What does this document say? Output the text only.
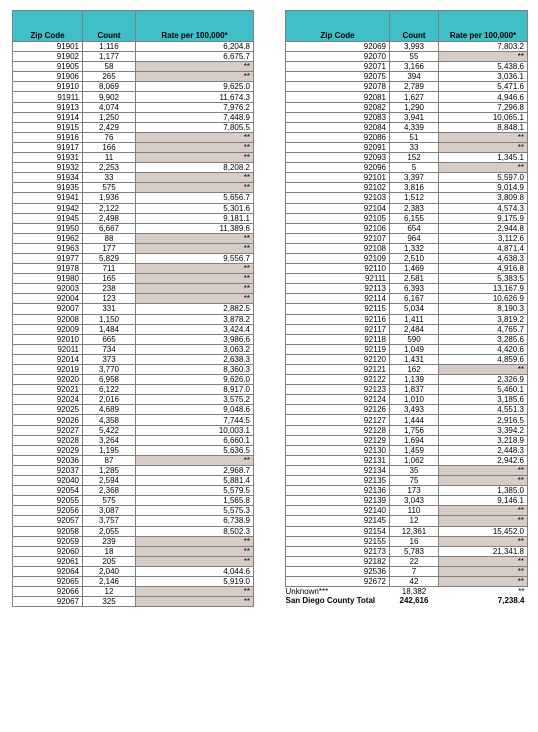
Zip Code	Count	Rate per 100,000*
91901	1,116	6,204.8
91902	1,177	6,675.7
91905	58	**
91906	265	**
91910	8,069	9,625.0
91911	9,902	11,674.3
91913	4,074	7,976.2
91914	1,250	7,448.9
91915	2,429	7,805.5
91916	76	**
91917	166	**
91931	11	**
91932	2,253	8,208.2
91934	33	**
91935	575	**
91941	1,936	5,656.7
91942	2,122	5,301.6
91945	2,498	9,181.1
91950	6,667	11,389.6
91962	88	**
91963	177	**
91977	5,829	9,556.7
91978	711	**
91980	165	**
92003	238	**
92004	123	**
92007	331	2,882.5
92008	1,150	3,878.2
92009	1,484	3,424.4
92010	665	3,986.6
92011	734	3,063.2
92014	373	2,638.3
92019	3,770	8,360.3
92020	6,958	9,626.0
92021	6,122	8,917.0
92024	2,016	3,575.2
92025	4,689	9,048.6
92026	4,358	7,744.5
92027	5,422	10,003.1
92028	3,264	6,660.1
92029	1,195	5,636.5
92036	87	**
92037	1,285	2,968.7
92040	2,594	5,881.4
92054	2,368	5,579.5
92055	575	1,565.8
92056	3,087	5,575.3
92057	3,757	6,738.9
92058	2,055	8,502.3
92059	239	**
92060	18	**
92061	205	**
92064	2,040	4,044.6
92065	2,146	5,919.0
92066	12	**
92067	325	**
Zip Code	Count	Rate per 100,000*
92069	3,993	7,803.2
92070	55	**
92071	3,166	5,438.6
92075	394	3,036.1
92078	2,789	5,471.6
92081	1,627	4,946.6
92082	1,290	7,296.8
92083	3,941	10,065.1
92084	4,339	8,848.1
92086	51	**
92091	33	**
92093	152	1,345.1
92096	5	**
92101	3,397	5,597.0
92102	3,816	9,014.9
92103	1,512	3,809.8
92104	2,383	4,574.3
92105	6,155	9,175.9
92106	654	2,944.8
92107	964	3,112.6
92108	1,332	4,871.4
92109	2,510	4,638.3
92110	1,469	4,916.8
92111	2,581	5,383.5
92113	6,393	13,167.9
92114	6,167	10,626.9
92115	5,034	8,190.3
92116	1,411	3,819.2
92117	2,484	4,765.7
92118	590	3,285.6
92119	1,049	4,420.6
92120	1,431	4,859.6
92121	162	**
92122	1,139	2,326.9
92123	1,837	5,460.1
92124	1,010	3,185.6
92126	3,493	4,551.3
92127	1,444	2,916.5
92128	1,756	3,394.2
92129	1,694	3,218.9
92130	1,459	2,448.3
92131	1,062	2,942.6
92134	35	**
92135	75	**
92136	173	1,385.0
92139	3,043	9,146.1
92140	110	**
92145	12	**
92154	12,361	15,452.0
92155	16	**
92173	5,783	21,341.8
92182	22	**
92536	7	**
92672	42	**
Unknown***	18,382	**
San Diego County Total	242,616	7,238.4
